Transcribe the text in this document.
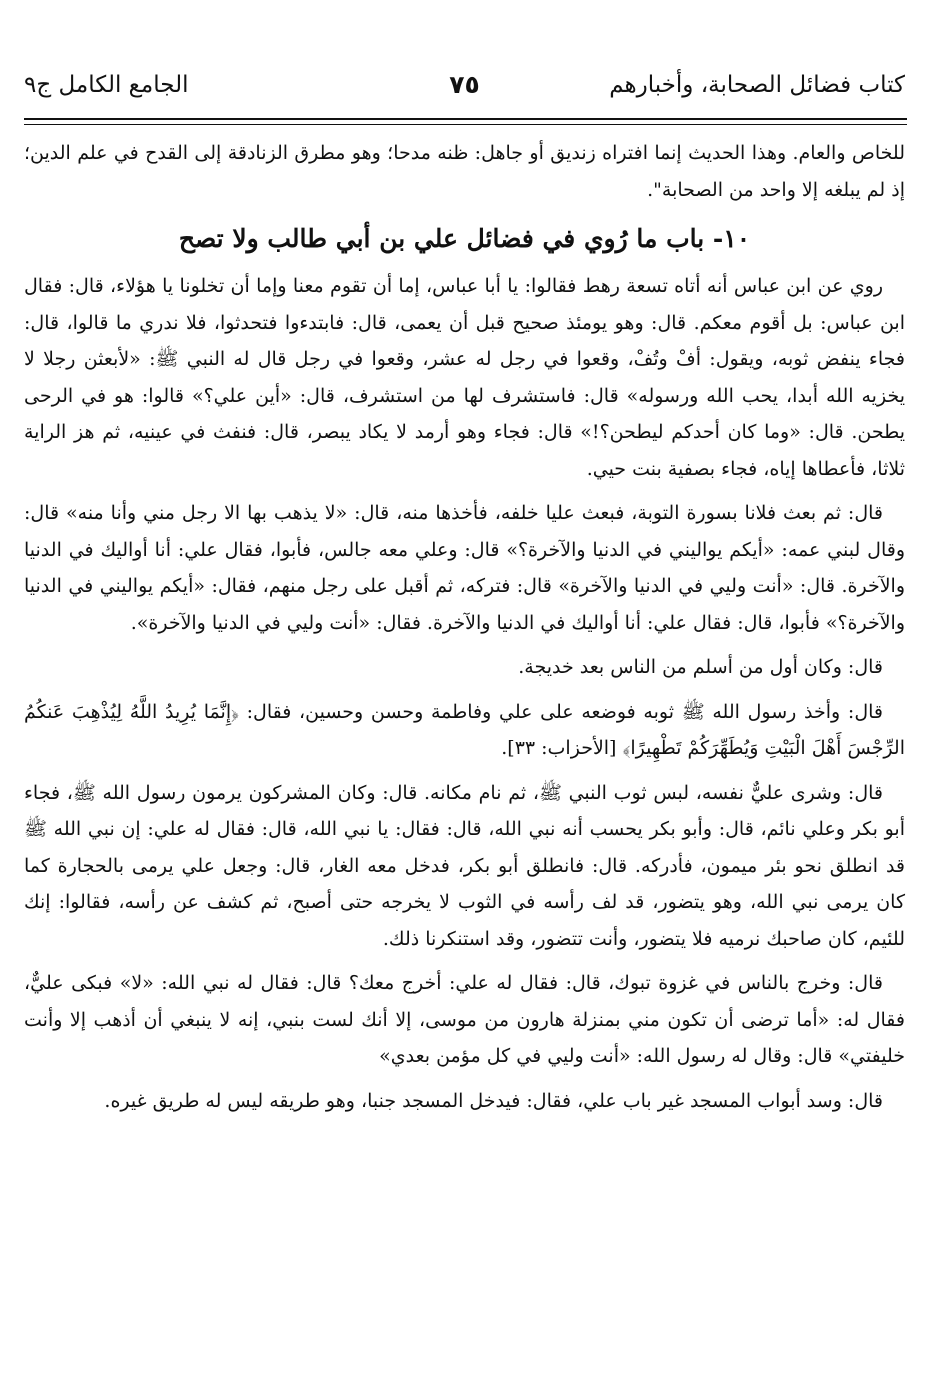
كتاب فضائل الصحابة، وأخبارهم
٧٥
الجامع الكامل ج٩

للخاص والعام. وهذا الحديث إنما افتراه زنديق أو جاهل: ظنه مدحا؛ وهو مطرق الزنادقة إلى القدح في علم الدين؛ إذ لم يبلغه إلا واحد من الصحابة".

١٠- باب ما رُوي في فضائل علي بن أبي طالب ولا تصح

روي عن ابن عباس أنه أتاه تسعة رهط فقالوا: يا أبا عباس، إما أن تقوم معنا وإما أن تخلونا يا هؤلاء، قال: فقال ابن عباس: بل أقوم معكم. قال: وهو يومئذ صحيح قبل أن يعمى، قال: فابتدءوا فتحدثوا، فلا ندري ما قالوا، قال: فجاء ينفض ثوبه، ويقول: أفْ وتُفْ، وقعوا في رجل له عشر، وقعوا في رجل قال له النبي ﷺ: «لأبعثن رجلا لا يخزيه الله أبدا، يحب الله ورسوله» قال: فاستشرف لها من استشرف، قال: «أين علي؟» قالوا: هو في الرحى يطحن. قال: «وما كان أحدكم ليطحن؟!» قال: فجاء وهو أرمد لا يكاد يبصر، قال: فنفث في عينيه، ثم هز الراية ثلاثا، فأعطاها إياه، فجاء بصفية بنت حيي.

قال: ثم بعث فلانا بسورة التوبة، فبعث عليا خلفه، فأخذها منه، قال: «لا يذهب بها الا رجل مني وأنا منه» قال: وقال لبني عمه: «أيكم يواليني في الدنيا والآخرة؟» قال: وعلي معه جالس، فأبوا، فقال علي: أنا أواليك في الدنيا والآخرة. قال: «أنت وليي في الدنيا والآخرة» قال: فتركه، ثم أقبل على رجل منهم، فقال: «أيكم يواليني في الدنيا والآخرة؟» فأبوا، قال: فقال علي: أنا أواليك في الدنيا والآخرة. فقال: «أنت وليي في الدنيا والآخرة».

قال: وكان أول من أسلم من الناس بعد خديجة.

قال: وأخذ رسول الله ﷺ ثوبه فوضعه على علي وفاطمة وحسن وحسين، فقال: ﴿إِنَّمَا يُرِيدُ اللَّهُ لِيُذْهِبَ عَنكُمُ الرِّجْسَ أَهْلَ الْبَيْتِ وَيُطَهِّرَكُمْ تَطْهِيرًا﴾ [الأحزاب: ٣٣].

قال: وشرى عليٌّ نفسه، لبس ثوب النبي ﷺ، ثم نام مكانه. قال: وكان المشركون يرمون رسول الله ﷺ، فجاء أبو بكر وعلي نائم، قال: وأبو بكر يحسب أنه نبي الله، قال: فقال: يا نبي الله، قال: فقال له علي: إن نبي الله ﷺ قد انطلق نحو بئر ميمون، فأدركه. قال: فانطلق أبو بكر، فدخل معه الغار، قال: وجعل علي يرمى بالحجارة كما كان يرمى نبي الله، وهو يتضور، قد لف رأسه في الثوب لا يخرجه حتى أصبح، ثم كشف عن رأسه، فقالوا: إنك للئيم، كان صاحبك نرميه فلا يتضور، وأنت تتضور، وقد استنكرنا ذلك.

قال: وخرج بالناس في غزوة تبوك، قال: فقال له علي: أخرج معك؟ قال: فقال له نبي الله: «لا» فبكى عليٌّ، فقال له: «أما ترضى أن تكون مني بمنزلة هارون من موسى، إلا أنك لست بنبي، إنه لا ينبغي أن أذهب إلا وأنت خليفتي» قال: وقال له رسول الله: «أنت وليي في كل مؤمن بعدي»

قال: وسد أبواب المسجد غير باب علي، فقال: فيدخل المسجد جنبا، وهو طريقه ليس له طريق غيره.
